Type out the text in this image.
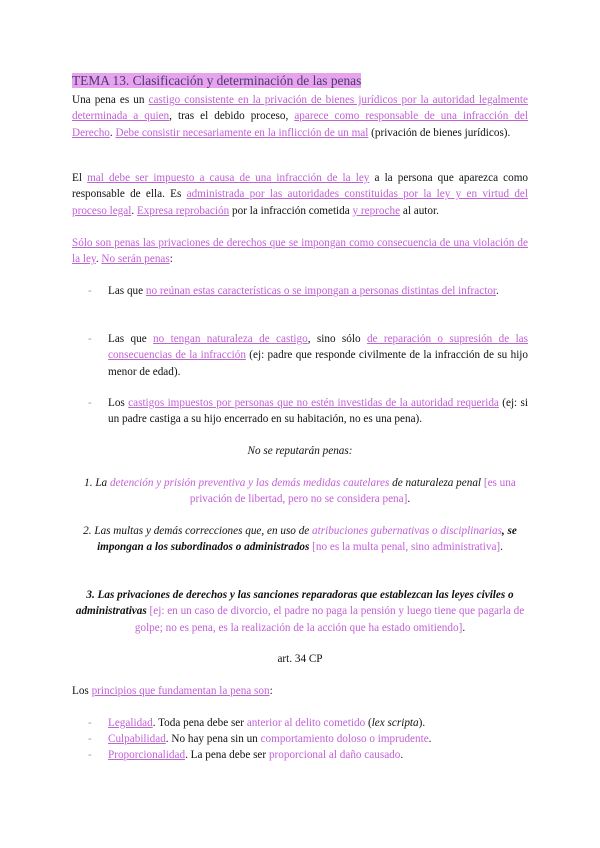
TEMA 13. Clasificación y determinación de las penas
Una pena es un castigo consistente en la privación de bienes jurídicos por la autoridad legalmente determinada a quien, tras el debido proceso, aparece como responsable de una infracción del Derecho. Debe consistir necesariamente en la inflicción de un mal (privación de bienes jurídicos).
El mal debe ser impuesto a causa de una infracción de la ley a la persona que aparezca como responsable de ella. Es administrada por las autoridades constituidas por la ley y en virtud del proceso legal. Expresa reprobación por la infracción cometida y reproche al autor.
Sólo son penas las privaciones de derechos que se impongan como consecuencia de una violación de la ley. No serán penas:
- Las que no reúnan estas características o se impongan a personas distintas del infractor.
- Las que no tengan naturaleza de castigo, sino sólo de reparación o supresión de las consecuencias de la infracción (ej: padre que responde civilmente de la infracción de su hijo menor de edad).
- Los castigos impuestos por personas que no estén investidas de la autoridad requerida (ej: si un padre castiga a su hijo encerrado en su habitación, no es una pena).
No se reputarán penas:
1. La detención y prisión preventiva y las demás medidas cautelares de naturaleza penal [es una privación de libertad, pero no se considera pena].
2. Las multas y demás correcciones que, en uso de atribuciones gubernativas o disciplinarias, se impongan a los subordinados o administrados [no es la multa penal, sino administrativa].
3. Las privaciones de derechos y las sanciones reparadoras que establezcan las leyes civiles o administrativas [ej: en un caso de divorcio, el padre no paga la pensión y luego tiene que pagarla de golpe; no es pena, es la realización de la acción que ha estado omitiendo].
art. 34 CP
Los principios que fundamentan la pena son:
- Legalidad. Toda pena debe ser anterior al delito cometido (lex scripta).
- Culpabilidad. No hay pena sin un comportamiento doloso o imprudente.
- Proporcionalidad. La pena debe ser proporcional al daño causado.
